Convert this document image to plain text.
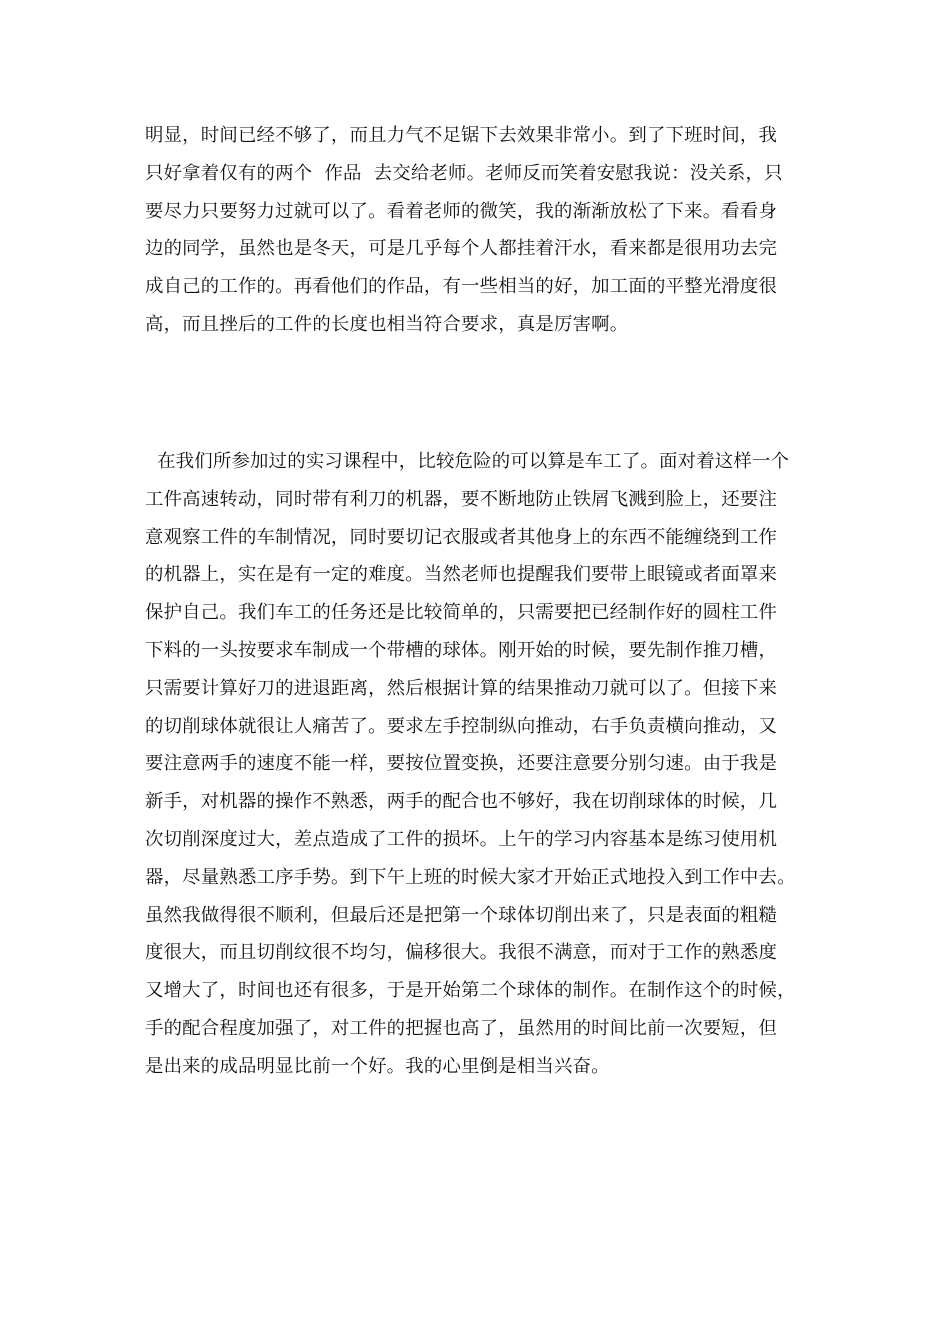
明显，时间已经不够了，而且力气不足锯下去效果非常小。到了下班时间，我
只好拿着仅有的两个  作品  去交给老师。老师反而笑着安慰我说：没关系，只
要尽力只要努力过就可以了。看着老师的微笑，我的渐渐放松了下来。看看身
边的同学，虽然也是冬天，可是几乎每个人都挂着汗水，看来都是很用功去完
成自己的工作的。再看他们的作品，有一些相当的好，加工面的平整光滑度很
高，而且挫后的工件的长度也相当符合要求，真是厉害啊。
在我们所参加过的实习课程中，比较危险的可以算是车工了。面对着这样一个
工件高速转动，同时带有利刀的机器，要不断地防止铁屑飞溅到脸上，还要注
意观察工件的车制情况，同时要切记衣服或者其他身上的东西不能缠绕到工作
的机器上，实在是有一定的难度。当然老师也提醒我们要带上眼镜或者面罩来
保护自己。我们车工的任务还是比较简单的，只需要把已经制作好的圆柱工件
下料的一头按要求车制成一个带槽的球体。刚开始的时候，要先制作推刀槽，
只需要计算好刀的进退距离，然后根据计算的结果推动刀就可以了。但接下来
的切削球体就很让人痛苦了。要求左手控制纵向推动，右手负责横向推动，又
要注意两手的速度不能一样，要按位置变换，还要注意要分别匀速。由于我是
新手，对机器的操作不熟悉，两手的配合也不够好，我在切削球体的时候，几
次切削深度过大，差点造成了工件的损坏。上午的学习内容基本是练习使用机
器，尽量熟悉工序手势。到下午上班的时候大家才开始正式地投入到工作中去。
虽然我做得很不顺利，但最后还是把第一个球体切削出来了，只是表面的粗糙
度很大，而且切削纹很不均匀，偏移很大。我很不满意，而对于工作的熟悉度
又增大了，时间也还有很多，于是开始第二个球体的制作。在制作这个的时候，
手的配合程度加强了，对工件的把握也高了，虽然用的时间比前一次要短，但
是出来的成品明显比前一个好。我的心里倒是相当兴奋。
